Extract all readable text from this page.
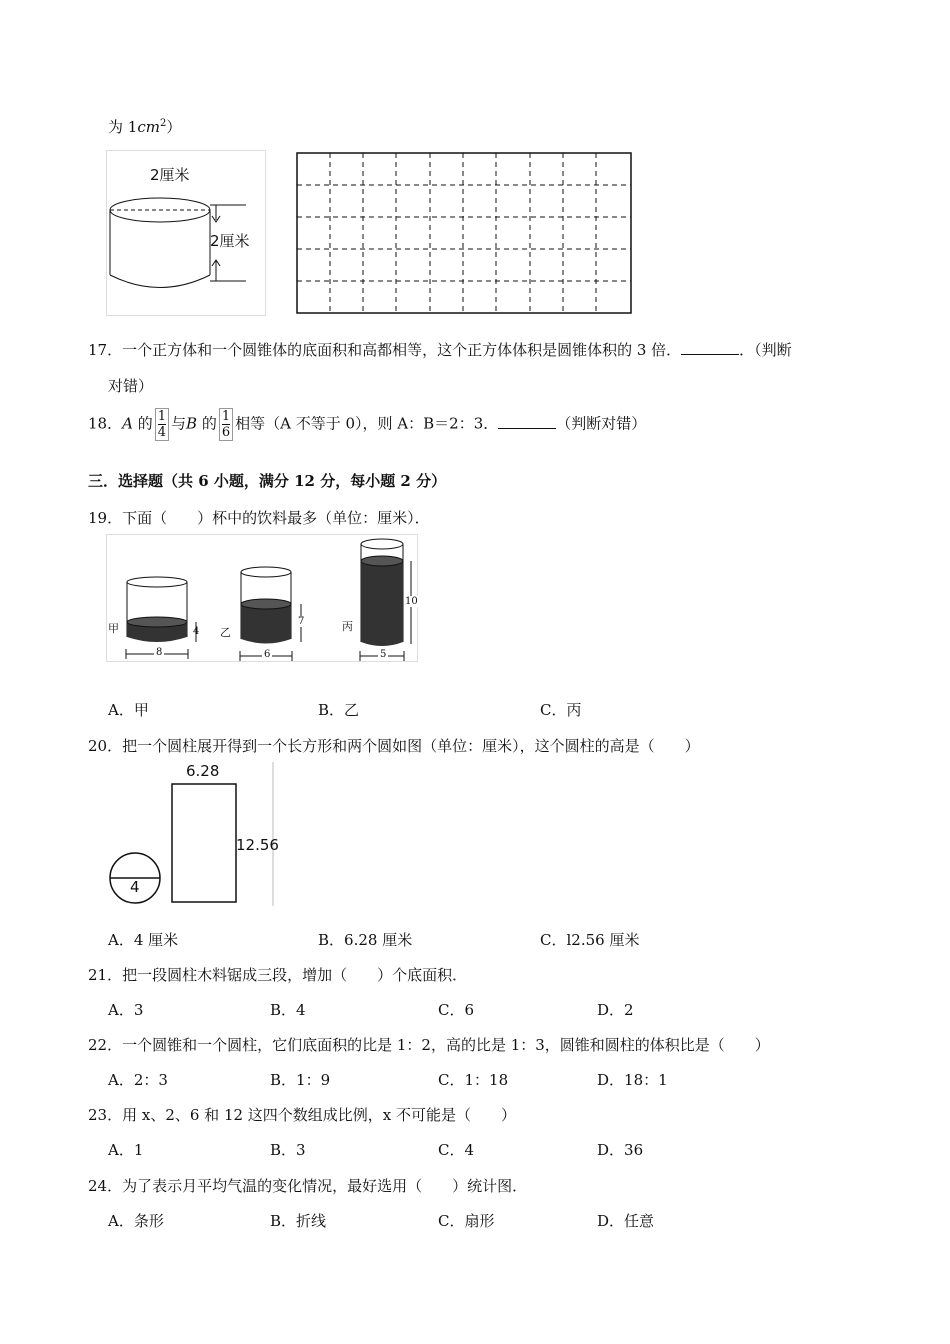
为 $1cm^2$）
2厘米
2厘米
17．一个正方体和一个圆锥体的底面积和高都相等，这个正方体体积是圆锥体积的 3 倍．	．（判断
对错）
18．A 的 $\frac{1}{4}$ 与B 的 $\frac{1}{6}$ 相等（A 不等于 0），则 A：B＝2：3．	（判断对错）
三．选择题（共 6 小题，满分 12 分，每小题 2 分）
19．下面（　　）杯中的饮料最多（单位：厘米）．
甲	乙	丙
4
8
7
6
10
5
A．甲	B．乙	C．丙
20．把一个圆柱展开得到一个长方形和两个圆如图（单位：厘米），这个圆柱的高是（　　）
6.28
12.56
4
A．4 厘米	B．6.28 厘米	C．l2.56 厘米
21．把一段圆柱木料锯成三段，增加（　　）个底面积．
A．3	B．4	C．6	D．2
22．一个圆锥和一个圆柱，它们底面积的比是 1：2，高的比是 1：3，圆锥和圆柱的体积比是（　　）
A．2：3	B．1：9	C．1：18	D．18：1
23．用 x、2、6 和 12 这四个数组成比例，x 不可能是（　　）
A．1	B．3	C．4	D．36
24．为了表示月平均气温的变化情况，最好选用（　　）统计图．
A．条形	B．折线	C．扇形	D．任意
